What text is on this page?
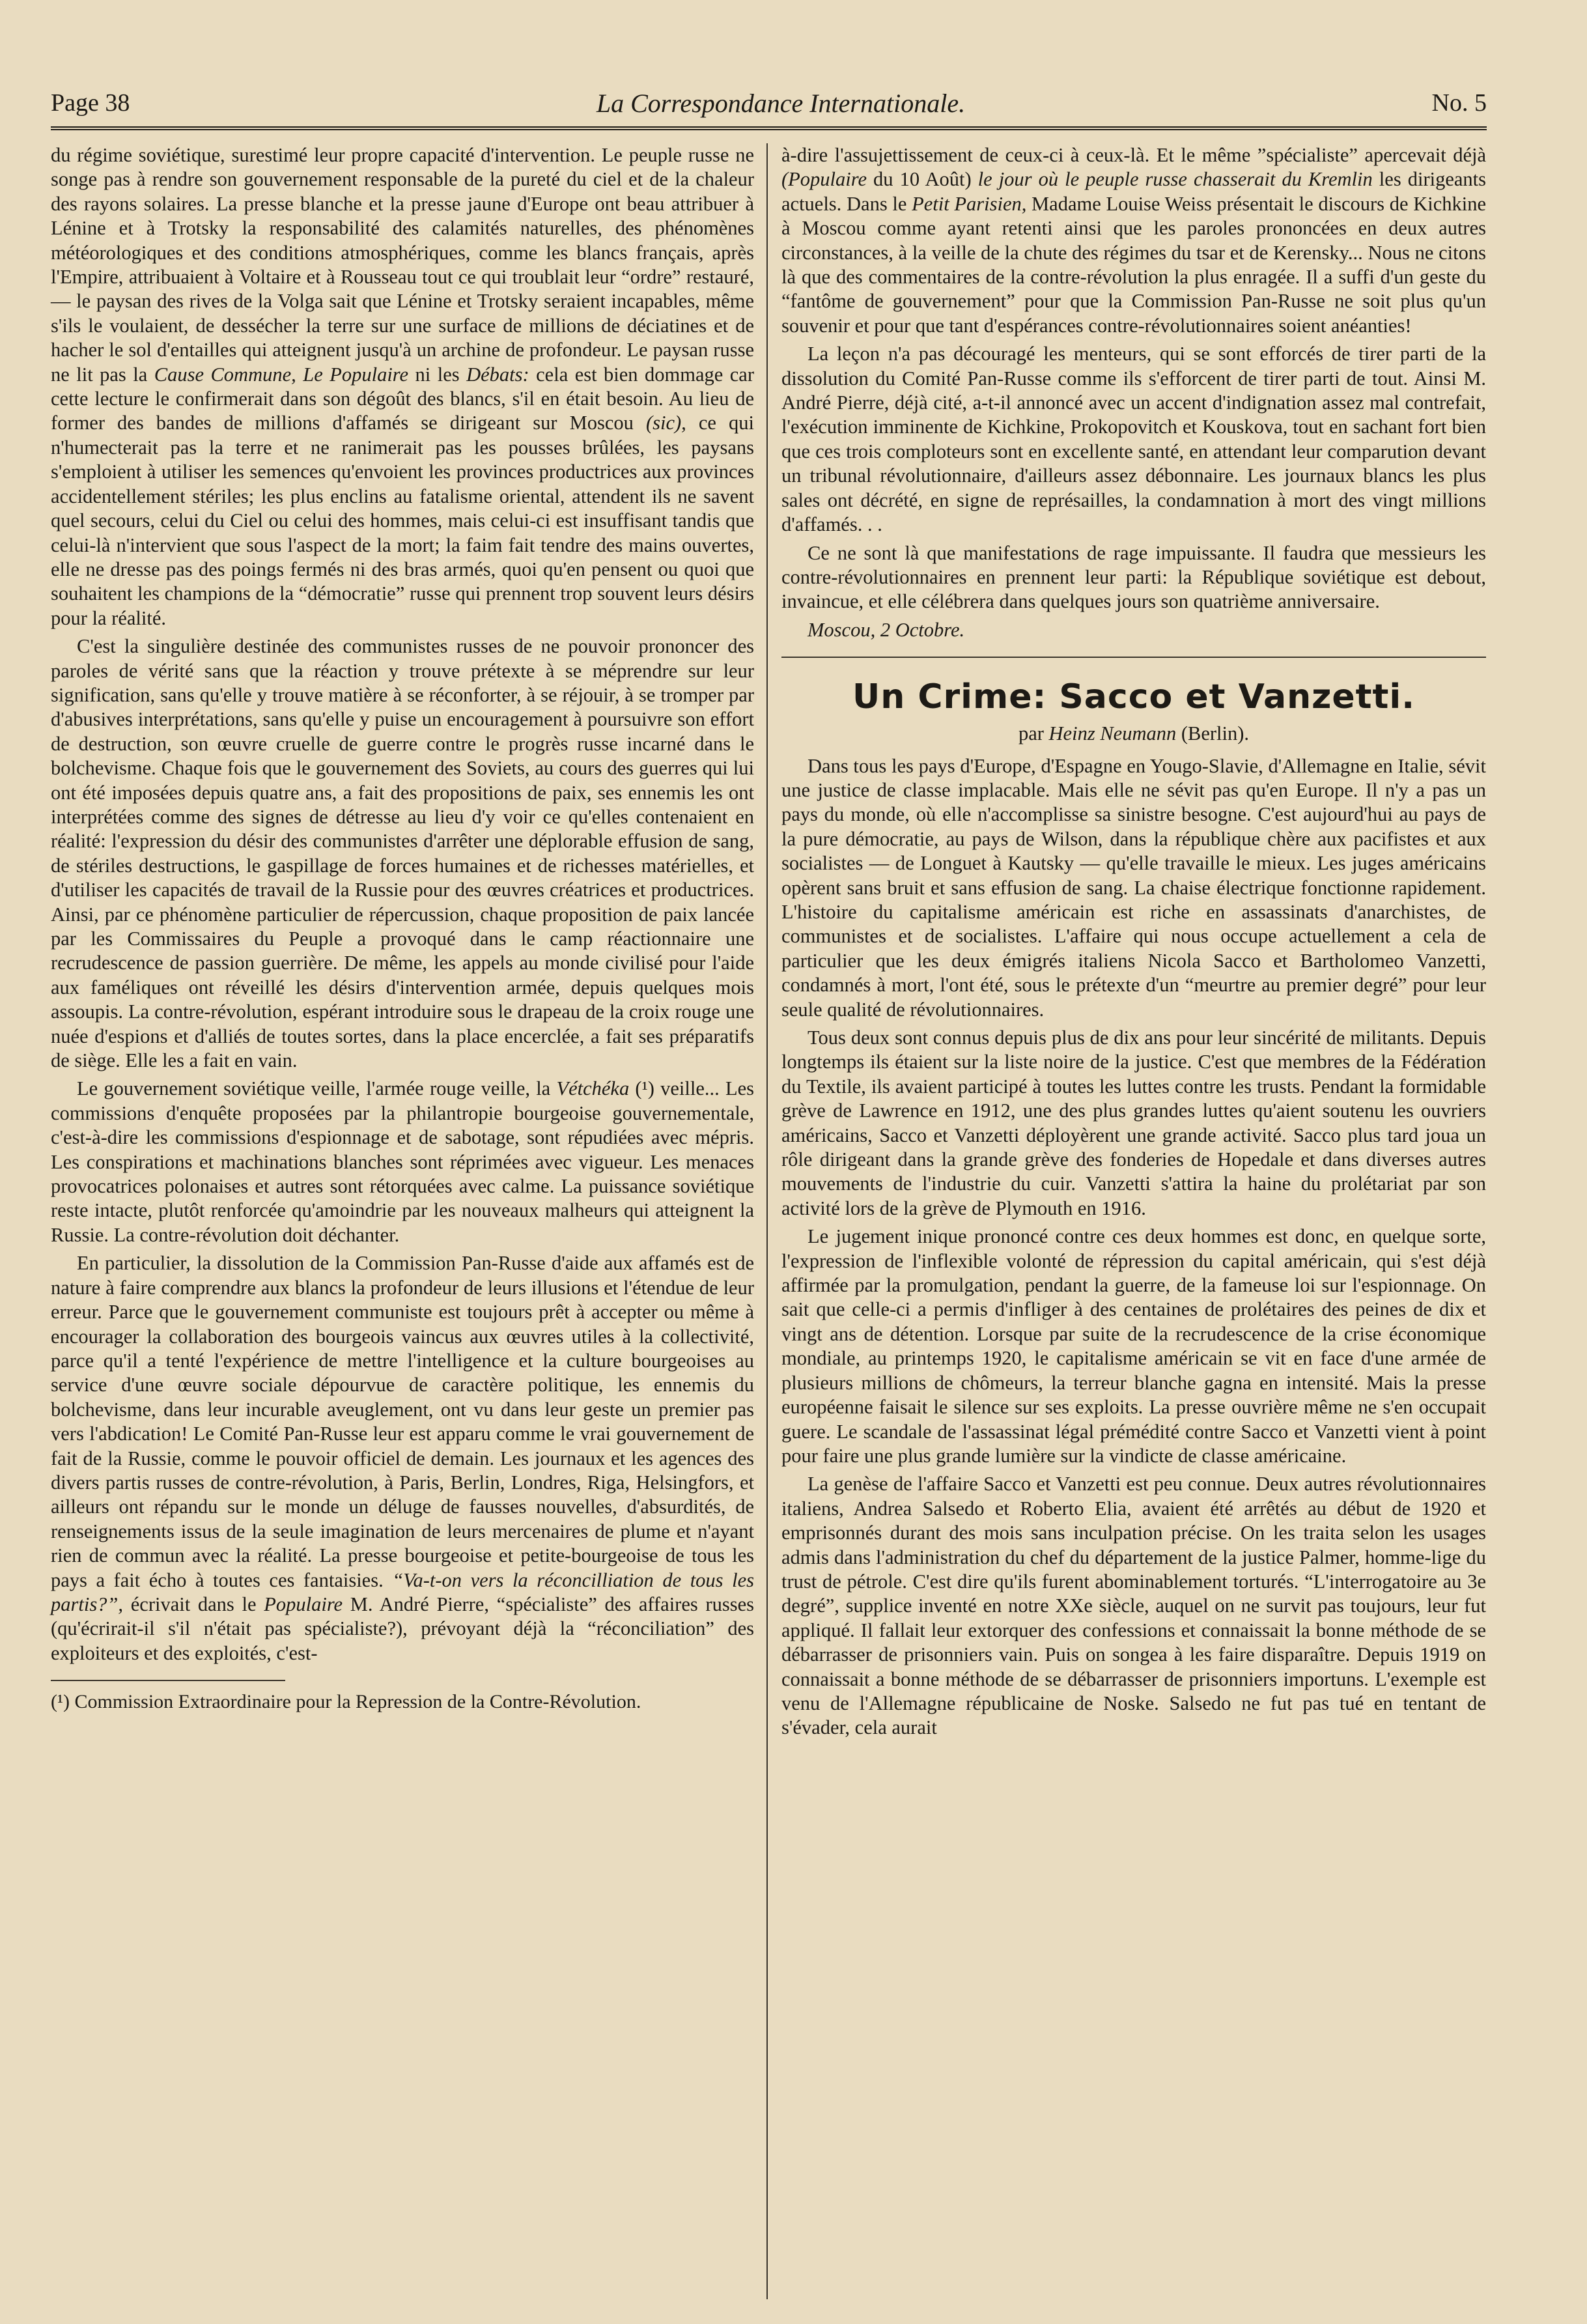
Page 38	La Correspondance Internationale.	No. 5

du régime soviétique, surestimé leur propre capacité d'intervention. Le peuple russe ne songe pas à rendre son gouvernement responsable de la pureté du ciel et de la chaleur des rayons solaires. La presse blanche et la presse jaune d'Europe ont beau attribuer à Lénine et à Trotsky la responsabilité des calamités naturelles, des phénomènes météorologiques et des conditions atmosphériques, comme les blancs français, après l'Empire, attribuaient à Voltaire et à Rousseau tout ce qui troublait leur “ordre” restauré, — le paysan des rives de la Volga sait que Lénine et Trotsky seraient incapables, même s'ils le voulaient, de dessécher la terre sur une surface de millions de déciatines et de hacher le sol d'entailles qui atteignent jusqu'à un archine de profondeur. Le paysan russe ne lit pas la Cause Commune, Le Populaire ni les Débats: cela est bien dommage car cette lecture le confirmerait dans son dégoût des blancs, s'il en était besoin. Au lieu de former des bandes de millions d'affamés se dirigeant sur Moscou (sic), ce qui n'humecterait pas la terre et ne ranimerait pas les pousses brûlées, les paysans s'emploient à utiliser les semences qu'envoient les provinces productrices aux provinces accidentellement stériles; les plus enclins au fatalisme oriental, attendent ils ne savent quel secours, celui du Ciel ou celui des hommes, mais celui-ci est insuffisant tandis que celui-là n'intervient que sous l'aspect de la mort; la faim fait tendre des mains ouvertes, elle ne dresse pas des poings fermés ni des bras armés, quoi qu'en pensent ou quoi que souhaitent les champions de la “démocratie” russe qui prennent trop souvent leurs désirs pour la réalité.

C'est la singulière destinée des communistes russes de ne pouvoir prononcer des paroles de vérité sans que la réaction y trouve prétexte à se méprendre sur leur signification, sans qu'elle y trouve matière à se réconforter, à se réjouir, à se tromper par d'abusives interprétations, sans qu'elle y puise un encouragement à poursuivre son effort de destruction, son œuvre cruelle de guerre contre le progrès russe incarné dans le bolchevisme. Chaque fois que le gouvernement des Soviets, au cours des guerres qui lui ont été imposées depuis quatre ans, a fait des propositions de paix, ses ennemis les ont interprétées comme des signes de détresse au lieu d'y voir ce qu'elles contenaient en réalité: l'expression du désir des communistes d'arrêter une déplorable effusion de sang, de stériles destructions, le gaspillage de forces humaines et de richesses matérielles, et d'utiliser les capacités de travail de la Russie pour des œuvres créatrices et productrices. Ainsi, par ce phénomène particulier de répercussion, chaque proposition de paix lancée par les Commissaires du Peuple a provoqué dans le camp réactionnaire une recrudescence de passion guerrière. De même, les appels au monde civilisé pour l'aide aux faméliques ont réveillé les désirs d'intervention armée, depuis quelques mois assoupis. La contre-révolution, espérant introduire sous le drapeau de la croix rouge une nuée d'espions et d'alliés de toutes sortes, dans la place encerclée, a fait ses préparatifs de siège. Elle les a fait en vain.

Le gouvernement soviétique veille, l'armée rouge veille, la Vétchéka (¹) veille... Les commissions d'enquête proposées par la philantropie bourgeoise gouvernementale, c'est-à-dire les commissions d'espionnage et de sabotage, sont répudiées avec mépris. Les conspirations et machinations blanches sont réprimées avec vigueur. Les menaces provocatrices polonaises et autres sont rétorquées avec calme. La puissance soviétique reste intacte, plutôt renforcée qu'amoindrie par les nouveaux malheurs qui atteignent la Russie. La contre-révolution doit déchanter.

En particulier, la dissolution de la Commission Pan-Russe d'aide aux affamés est de nature à faire comprendre aux blancs la profondeur de leurs illusions et l'étendue de leur erreur. Parce que le gouvernement communiste est toujours prêt à accepter ou même à encourager la collaboration des bourgeois vaincus aux œuvres utiles à la collectivité, parce qu'il a tenté l'expérience de mettre l'intelligence et la culture bourgeoises au service d'une œuvre sociale dépourvue de caractère politique, les ennemis du bolchevisme, dans leur incurable aveuglement, ont vu dans leur geste un premier pas vers l'abdication! Le Comité Pan-Russe leur est apparu comme le vrai gouvernement de fait de la Russie, comme le pouvoir officiel de demain. Les journaux et les agences des divers partis russes de contre-révolution, à Paris, Berlin, Londres, Riga, Helsingfors, et ailleurs ont répandu sur le monde un déluge de fausses nouvelles, d'absurdités, de renseignements issus de la seule imagination de leurs mercenaires de plume et n'ayant rien de commun avec la réalité. La presse bourgeoise et petite-bourgeoise de tous les pays a fait écho à toutes ces fantaisies. “Va-t-on vers la réconcilliation de tous les partis?”, écrivait dans le Populaire M. André Pierre, “spécialiste” des affaires russes (qu'écrirait-il s'il n'était pas spécialiste?), prévoyant déjà la “réconciliation” des exploiteurs et des exploités, c'est-

(¹) Commission Extraordinaire pour la Repression de la Contre-Révolution.

à-dire l'assujettissement de ceux-ci à ceux-là. Et le même ”spécialiste” apercevait déjà (Populaire du 10 Août) le jour où le peuple russe chasserait du Kremlin les dirigeants actuels. Dans le Petit Parisien, Madame Louise Weiss présentait le discours de Kichkine à Moscou comme ayant retenti ainsi que les paroles prononcées en deux autres circonstances, à la veille de la chute des régimes du tsar et de Kerensky... Nous ne citons là que des commentaires de la contre-révolution la plus enragée. Il a suffi d'un geste du “fantôme de gouvernement” pour que la Commission Pan-Russe ne soit plus qu'un souvenir et pour que tant d'espérances contre-révolutionnaires soient anéanties!

La leçon n'a pas découragé les menteurs, qui se sont efforcés de tirer parti de la dissolution du Comité Pan-Russe comme ils s'efforcent de tirer parti de tout. Ainsi M. André Pierre, déjà cité, a-t-il annoncé avec un accent d'indignation assez mal contrefait, l'exécution imminente de Kichkine, Prokopovitch et Kouskova, tout en sachant fort bien que ces trois comploteurs sont en excellente santé, en attendant leur comparution devant un tribunal révolutionnaire, d'ailleurs assez débonnaire. Les journaux blancs les plus sales ont décrété, en signe de représailles, la condamnation à mort des vingt millions d'affamés. . .

Ce ne sont là que manifestations de rage impuissante. Il faudra que messieurs les contre-révolutionnaires en prennent leur parti: la République soviétique est debout, invaincue, et elle célébrera dans quelques jours son quatrième anniversaire.

Moscou, 2 Octobre.

Un Crime: Sacco et Vanzetti.

par Heinz Neumann (Berlin).

Dans tous les pays d'Europe, d'Espagne en Yougo-Slavie, d'Allemagne en Italie, sévit une justice de classe implacable. Mais elle ne sévit pas qu'en Europe. Il n'y a pas un pays du monde, où elle n'accomplisse sa sinistre besogne. C'est aujourd'hui au pays de la pure démocratie, au pays de Wilson, dans la république chère aux pacifistes et aux socialistes — de Longuet à Kautsky — qu'elle travaille le mieux. Les juges américains opèrent sans bruit et sans effusion de sang. La chaise électrique fonctionne rapidement. L'histoire du capitalisme américain est riche en assassinats d'anarchistes, de communistes et de socialistes. L'affaire qui nous occupe actuellement a cela de particulier que les deux émigrés italiens Nicola Sacco et Bartholomeo Vanzetti, condamnés à mort, l'ont été, sous le prétexte d'un “meurtre au premier degré” pour leur seule qualité de révolutionnaires.

Tous deux sont connus depuis plus de dix ans pour leur sincérité de militants. Depuis longtemps ils étaient sur la liste noire de la justice. C'est que membres de la Fédération du Textile, ils avaient participé à toutes les luttes contre les trusts. Pendant la formidable grève de Lawrence en 1912, une des plus grandes luttes qu'aient soutenu les ouvriers américains, Sacco et Vanzetti déployèrent une grande activité. Sacco plus tard joua un rôle dirigeant dans la grande grève des fonderies de Hopedale et dans diverses autres mouvements de l'industrie du cuir. Vanzetti s'attira la haine du prolétariat par son activité lors de la grève de Plymouth en 1916.

Le jugement inique prononcé contre ces deux hommes est donc, en quelque sorte, l'expression de l'inflexible volonté de répression du capital américain, qui s'est déjà affirmée par la promulgation, pendant la guerre, de la fameuse loi sur l'espionnage. On sait que celle-ci a permis d'infliger à des centaines de prolétaires des peines de dix et vingt ans de détention. Lorsque par suite de la recrudescence de la crise économique mondiale, au printemps 1920, le capitalisme américain se vit en face d'une armée de plusieurs millions de chômeurs, la terreur blanche gagna en intensité. Mais la presse européenne faisait le silence sur ses exploits. La presse ouvrière même ne s'en occupait guere. Le scandale de l'assassinat légal prémédité contre Sacco et Vanzetti vient à point pour faire une plus grande lumière sur la vindicte de classe américaine.

La genèse de l'affaire Sacco et Vanzetti est peu connue. Deux autres révolutionnaires italiens, Andrea Salsedo et Roberto Elia, avaient été arrêtés au début de 1920 et emprisonnés durant des mois sans inculpation précise. On les traita selon les usages admis dans l'administration du chef du département de la justice Palmer, homme-lige du trust de pétrole. C'est dire qu'ils furent abominablement torturés. “L'interrogatoire au 3e degré”, supplice inventé en notre XXe siècle, auquel on ne survit pas toujours, leur fut appliqué. Il fallait leur extorquer des confessions et connaissait la bonne méthode de se débarrasser de prisonniers vain. Puis on songea à les faire disparaître. Depuis 1919 on connaissait a bonne méthode de se débarrasser de prisonniers importuns. L'exemple est venu de l'Allemagne républicaine de Noske. Salsedo ne fut pas tué en tentant de s'évader, cela aurait
